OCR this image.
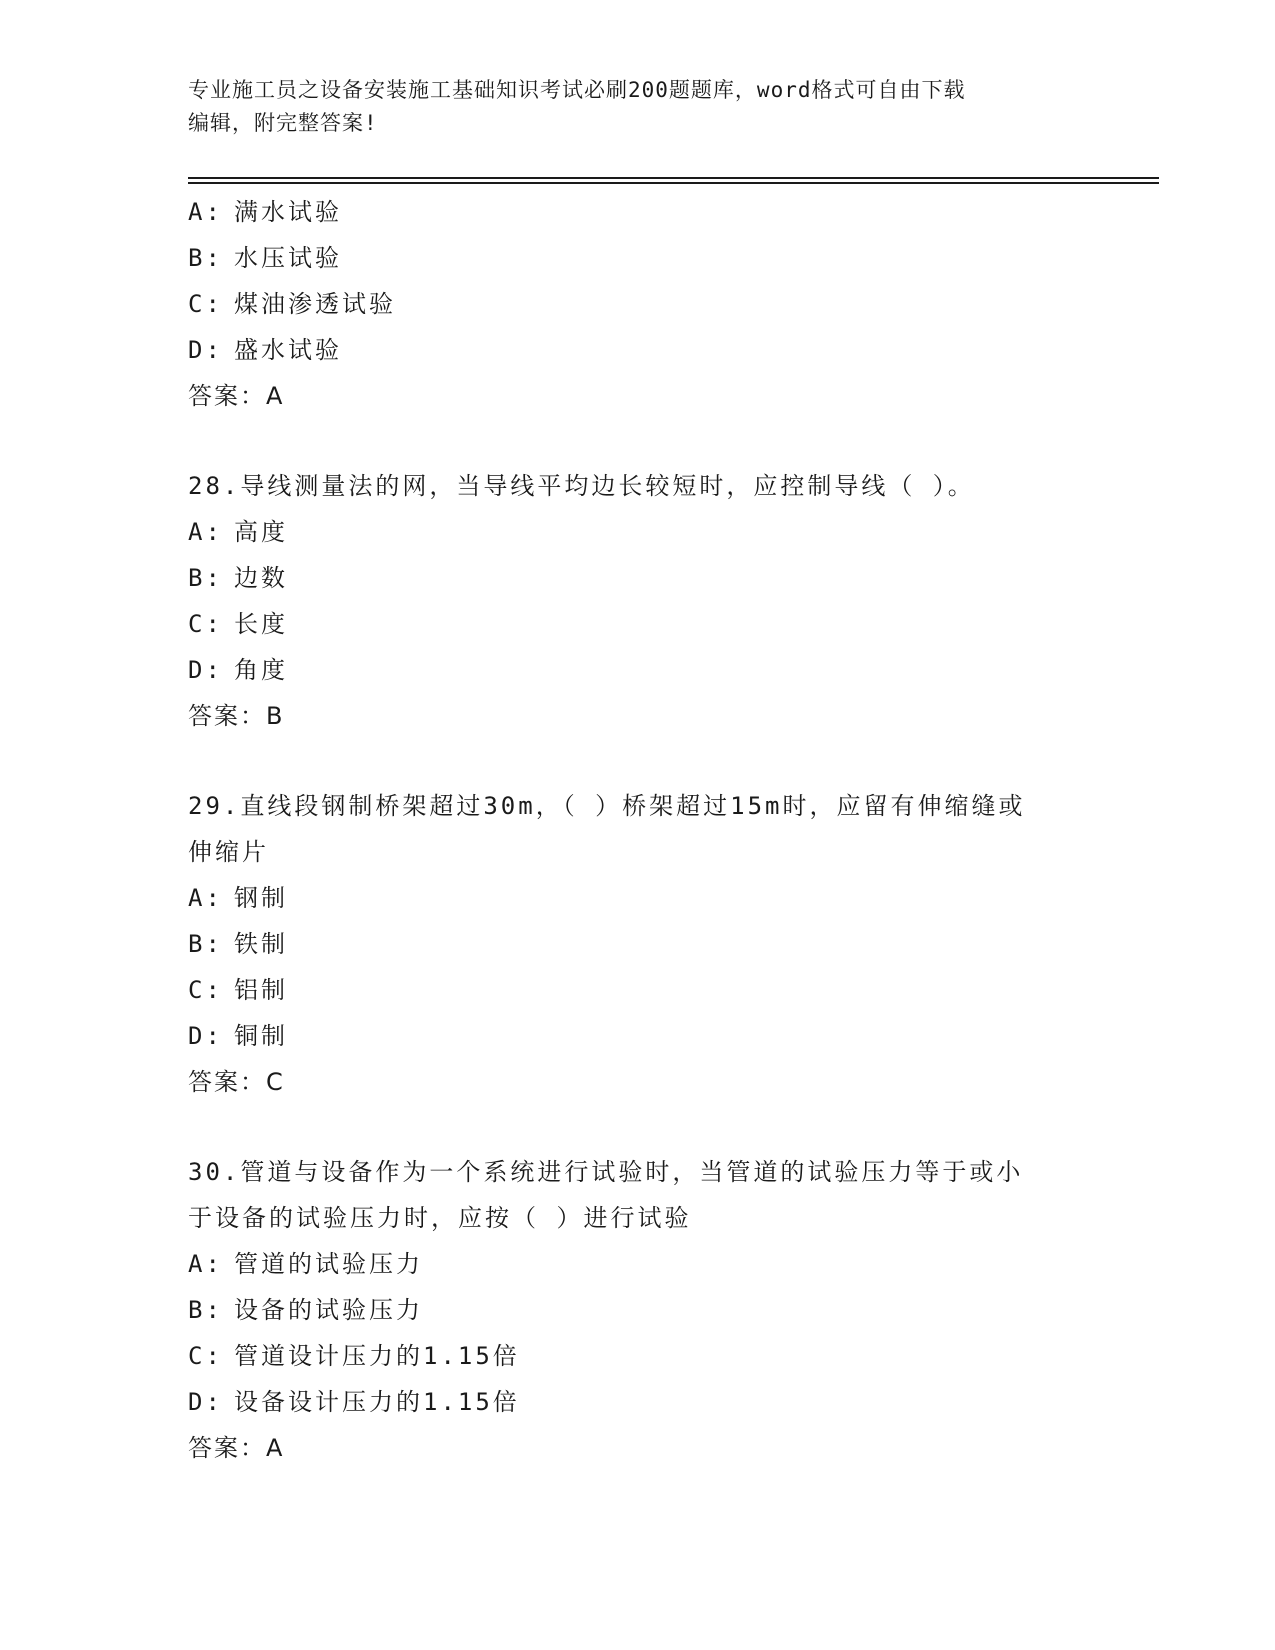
专业施工员之设备安装施工基础知识考试必刷200题题库，word格式可自由下载
编辑，附完整答案!
A: 满水试验
B: 水压试验
C: 煤油渗透试验
D: 盛水试验
答案：A
28.导线测量法的网，当导线平均边长较短时，应控制导线（ ）。
A: 高度
B: 边数
C: 长度
D: 角度
答案：B
29.直线段钢制桥架超过30m，（ ）桥架超过15m时，应留有伸缩缝或
伸缩片
A: 钢制
B: 铁制
C: 铝制
D: 铜制
答案：C
30.管道与设备作为一个系统进行试验时，当管道的试验压力等于或小
于设备的试验压力时，应按（ ）进行试验
A: 管道的试验压力
B: 设备的试验压力
C: 管道设计压力的1.15倍
D: 设备设计压力的1.15倍
答案：A
